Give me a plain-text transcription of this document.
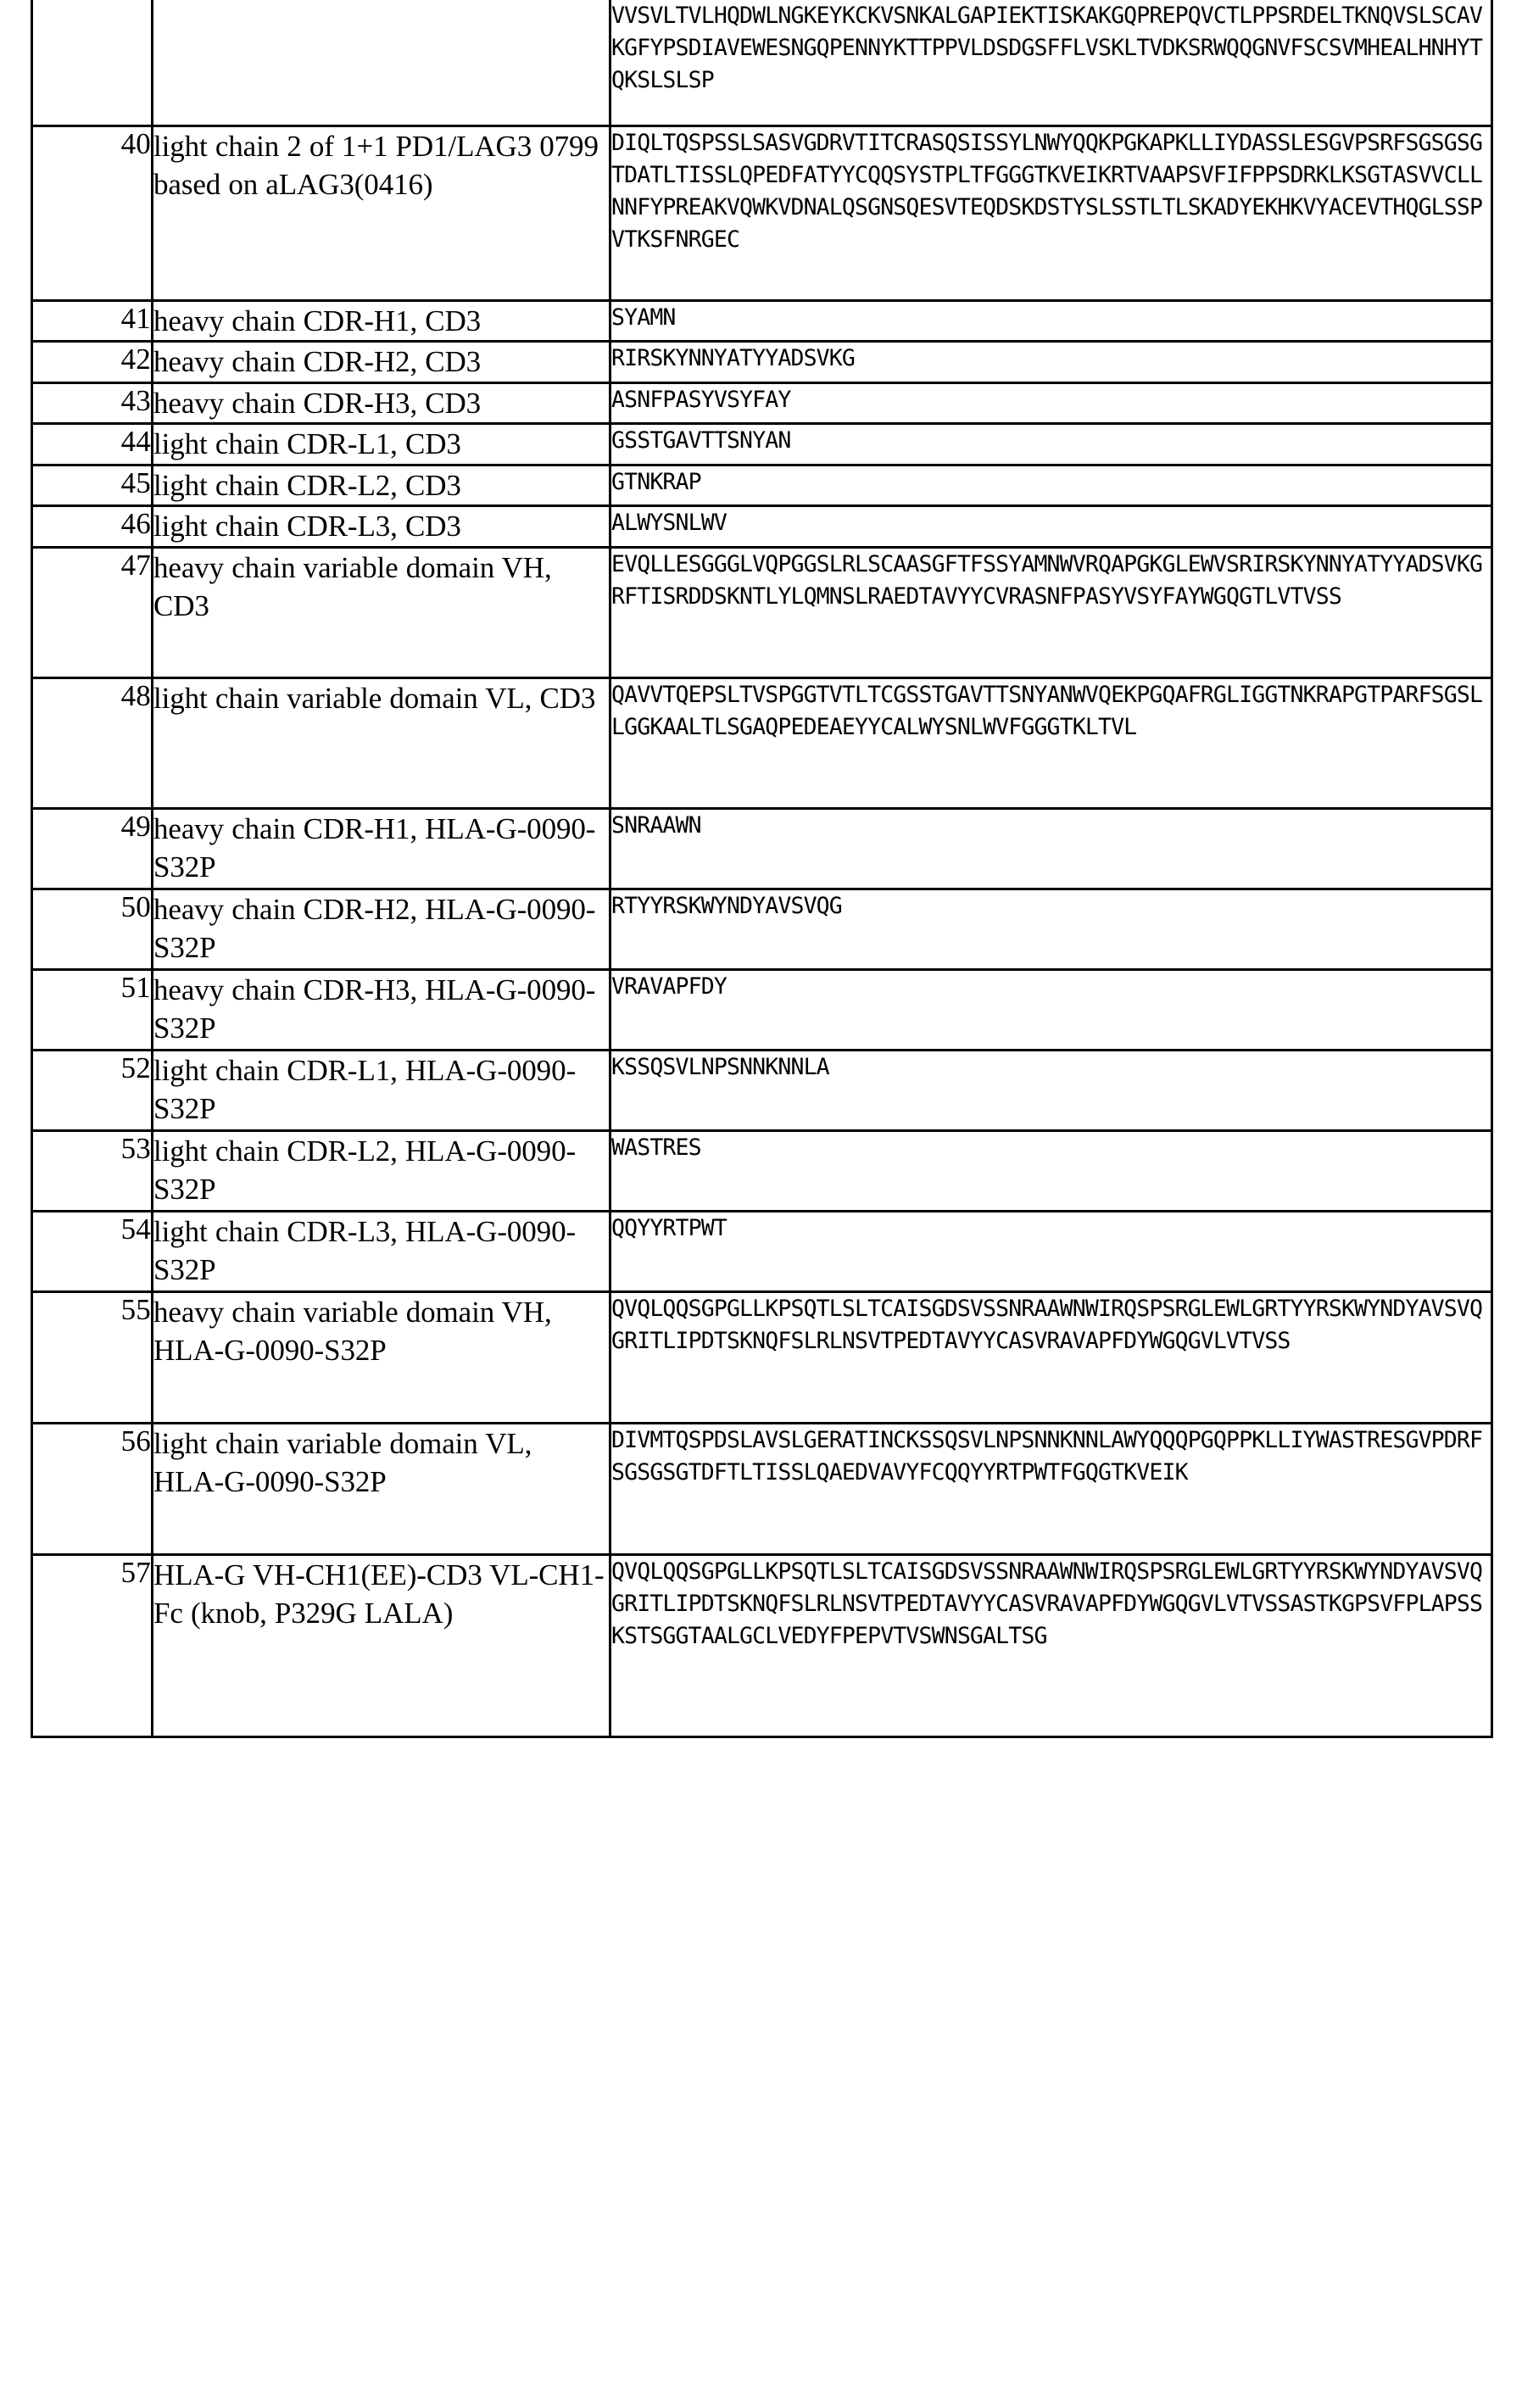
		VVSVLTVLHQDWLNGKEYKCKVSNKALGAPIEKTISKAKGQPREPQVCTLPPSRDELTKNQVSLSCAVKGFYPSDIAVEWESNGQPENNYKTTPPVLDSDGSFFLVSKLTVDKSRWQQGNVFSCSVMHEALHNHYTQKSLSLSP
40	light chain 2 of 1+1 PD1/LAG3 0799 based on aLAG3(0416)	DIQLTQSPSSLSASVGDRVTITCRASQSISSYLNWYQQKPGKAPKLLIYDASSLESGVPSRFSGSGSGTDATLTISSLQPEDFATYYCQQSYSTPLTFGGGTKVEIKRTVAAPSVFIFPPSDRKLKSGTASVVCLLNNFYPREAKVQWKVDNALQSGNSQESVTEQDSKDSTYSLSSTLTLSKADYEKHKVYACEVTHQGLSSPVTKSFNRGEC
41	heavy chain CDR-H1, CD3	SYAMN
42	heavy chain CDR-H2, CD3	RIRSKYNNYATYYADSVKG
43	heavy chain CDR-H3, CD3	ASNFPASYVSYFAY
44	light chain CDR-L1, CD3	GSSTGAVTTSNYAN
45	light chain CDR-L2, CD3	GTNKRAP
46	light chain CDR-L3, CD3	ALWYSNLWV
47	heavy chain variable domain VH, CD3	EVQLLESGGGLVQPGGSLRLSCAASGFTFSSYAMNWVRQAPGKGLEWVSRIRSKYNNYATYYADSVKGRFTISRDDSKNTLYLQMNSLRAEDTAVYYCVRASNFPASYVSYFAYWGQGTLVTVSS
48	light chain variable domain VL, CD3	QAVVTQEPSLTVSPGGTVTLTCGSSTGAVTTSNYANWVQEKPGQAFRGLIGGTNKRAPGTPARFSGSLLGGKAALTLSGAQPEDEAEYYCALWYSNLWVFGGGTKLTVL
49	heavy chain CDR-H1, HLA-G-0090-S32P	SNRAAWN
50	heavy chain CDR-H2, HLA-G-0090-S32P	RTYYRSKWYNDYAVSVQG
51	heavy chain CDR-H3, HLA-G-0090-S32P	VRAVAPFDY
52	light chain CDR-L1, HLA-G-0090-S32P	KSSQSVLNPSNNKNNLA
53	light chain CDR-L2, HLA-G-0090-S32P	WASTRES
54	light chain CDR-L3, HLA-G-0090-S32P	QQYYRTPWT
55	heavy chain variable domain VH, HLA-G-0090-S32P	QVQLQQSGPGLLKPSQTLSLTCAISGDSVSSNRAAWNWIRQSPSRGLEWLGRTYYRSKWYNDYAVSVQGRITLIPDTSKNQFSLRLNSVTPEDTAVYYCASVRAVAPFDYWGQGVLVTVSS
56	light chain variable domain VL, HLA-G-0090-S32P	DIVMTQSPDSLAVSLGERATINCKSSQSVLNPSNNKNNLAWYQQQPGQPPKLLIYWASTRESGVPDRFSGSGSGTDFTLTISSLQAEDVAVYFCQQYYRTPWTFGQGTKVEIK
57	HLA-G VH-CH1(EE)-CD3 VL-CH1-Fc (knob, P329G LALA)	QVQLQQSGPGLLKPSQTLSLTCAISGDSVSSNRAAWNWIRQSPSRGLEWLGRTYYRSKWYNDYAVSVQGRITLIPDTSKNQFSLRLNSVTPEDTAVYYCASVRAVAPFDYWGQGVLVTVSSASTKGPSVFPLAPSSKSTSGGTAALGCLVEDYFPEPVTVSWNSGALTSG
